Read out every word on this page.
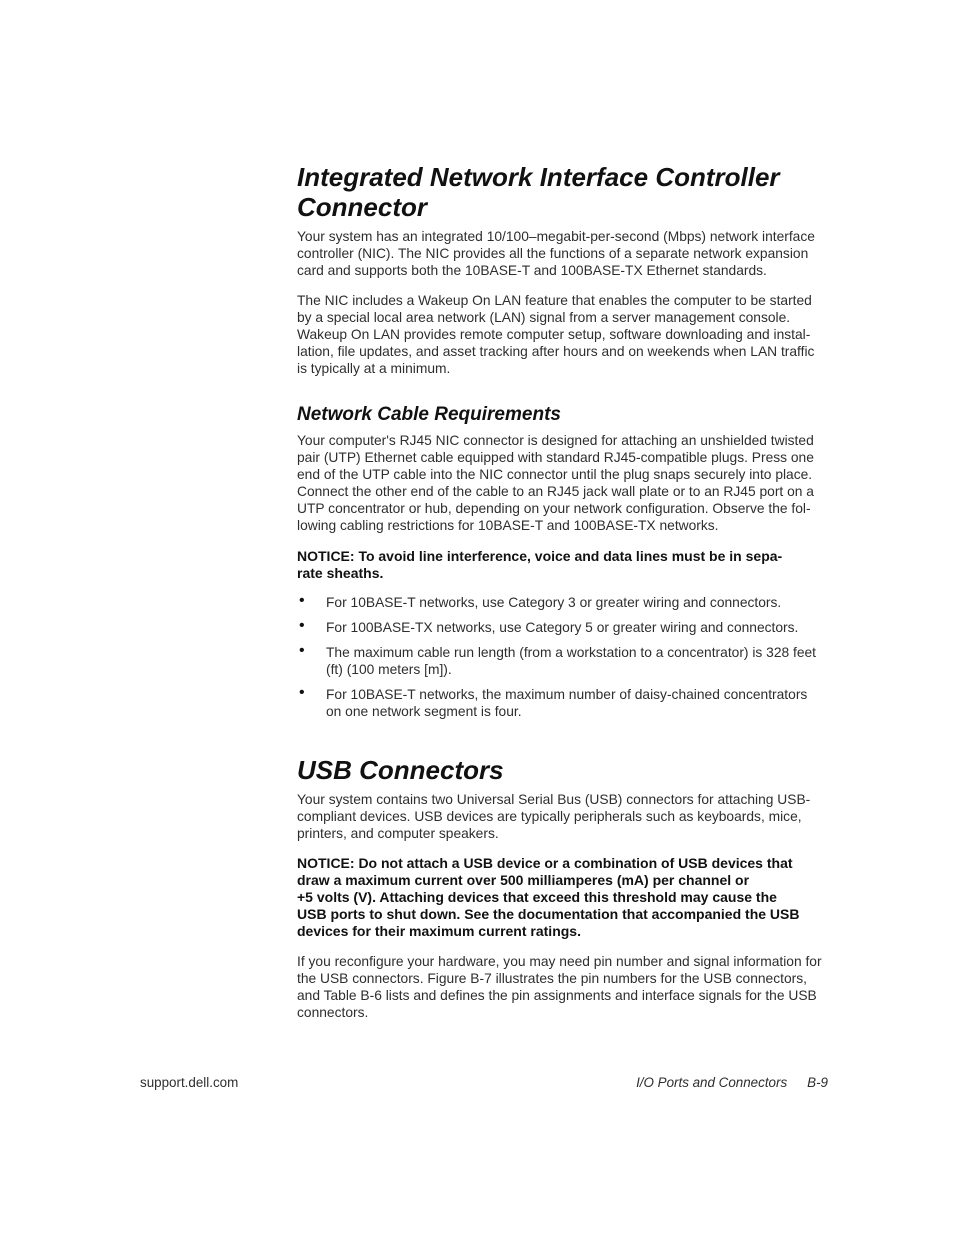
Integrated Network Interface Controller
Connector

Your system has an integrated 10/100–megabit-per-second (Mbps) network interface
controller (NIC). The NIC provides all the functions of a separate network expansion
card and supports both the 10BASE-T and 100BASE-TX Ethernet standards.

The NIC includes a Wakeup On LAN feature that enables the computer to be started
by a special local area network (LAN) signal from a server management console.
Wakeup On LAN provides remote computer setup, software downloading and instal-
lation, file updates, and asset tracking after hours and on weekends when LAN traffic
is typically at a minimum.

Network Cable Requirements

Your computer's RJ45 NIC connector is designed for attaching an unshielded twisted
pair (UTP) Ethernet cable equipped with standard RJ45-compatible plugs. Press one
end of the UTP cable into the NIC connector until the plug snaps securely into place.
Connect the other end of the cable to an RJ45 jack wall plate or to an RJ45 port on a
UTP concentrator or hub, depending on your network configuration. Observe the fol-
lowing cabling restrictions for 10BASE-T and 100BASE-TX networks.

NOTICE: To avoid line interference, voice and data lines must be in sepa-
rate sheaths.

• For 10BASE-T networks, use Category 3 or greater wiring and connectors.
• For 100BASE-TX networks, use Category 5 or greater wiring and connectors.
• The maximum cable run length (from a workstation to a concentrator) is 328 feet
(ft) (100 meters [m]).
• For 10BASE-T networks, the maximum number of daisy-chained concentrators
on one network segment is four.
USB Connectors

Your system contains two Universal Serial Bus (USB) connectors for attaching USB-
compliant devices. USB devices are typically peripherals such as keyboards, mice,
printers, and computer speakers.

NOTICE: Do not attach a USB device or a combination of USB devices that
draw a maximum current over 500 milliamperes (mA) per channel or
+5 volts (V). Attaching devices that exceed this threshold may cause the
USB ports to shut down. See the documentation that accompanied the USB
devices for their maximum current ratings.

If you reconfigure your hardware, you may need pin number and signal information for
the USB connectors. Figure B-7 illustrates the pin numbers for the USB connectors,
and Table B-6 lists and defines the pin assignments and interface signals for the USB
connectors.

support.dell.com	I/O Ports and Connectors B-9
